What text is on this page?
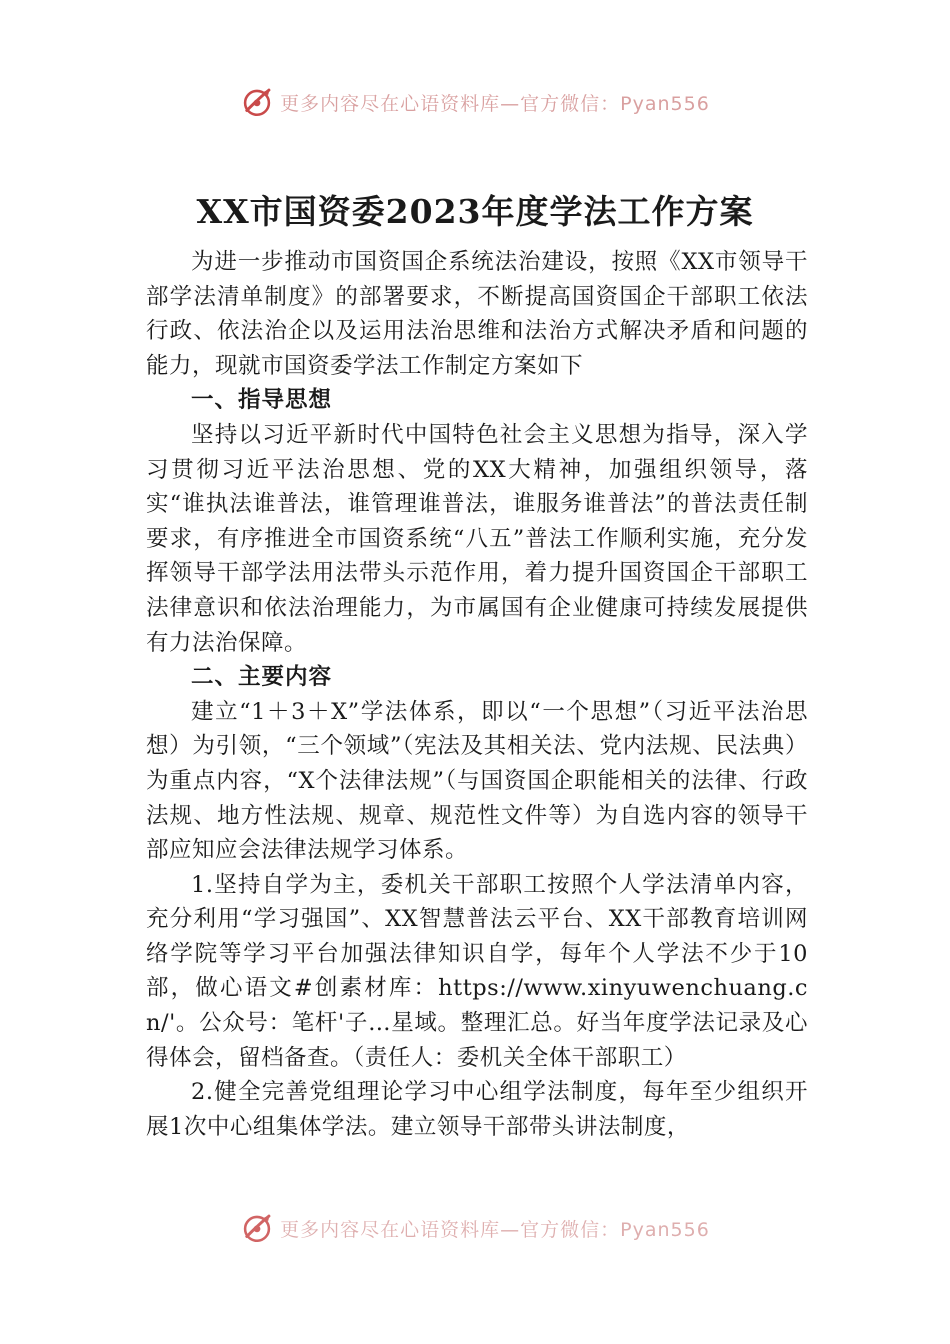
更多内容尽在心语资料库—官方微信：Pyan556
XX市国资委2023年度学法工作方案

为进一步推动市国资国企系统法治建设，按照《XX市领导干部学法清单制度》的部署要求，不断提高国资国企干部职工依法行政、依法治企以及运用法治思维和法治方式解决矛盾和问题的能力，现就市国资委学法工作制定方案如下

一、指导思想

坚持以习近平新时代中国特色社会主义思想为指导，深入学习贯彻习近平法治思想、党的XX大精神，加强组织领导，落实“谁执法谁普法，谁管理谁普法，谁服务谁普法”的普法责任制要求，有序推进全市国资系统“八五”普法工作顺利实施，充分发挥领导干部学法用法带头示范作用，着力提升国资国企干部职工法律意识和依法治理能力，为市属国有企业健康可持续发展提供有力法治保障。

二、主要内容

建立“1＋3＋X”学法体系，即以“一个思想”（习近平法治思想）为引领，“三个领域”（宪法及其相关法、党内法规、民法典）为重点内容，“X个法律法规”（与国资国企职能相关的法律、行政法规、地方性法规、规章、规范性文件等）为自选内容的领导干部应知应会法律法规学习体系。

1.坚持自学为主，委机关干部职工按照个人学法清单内容，充分利用“学习强国”、XX智慧普法云平台、XX干部教育培训网络学院等学习平台加强法律知识自学，每年个人学法不少于10部，做心语文#创素材库：https://www.xinyuwenchuang.cn/'。公众号：笔杆'子…星域。整理汇总。好当年度学法记录及心得体会，留档备查。（责任人：委机关全体干部职工）

2.健全完善党组理论学习中心组学法制度，每年至少组织开展1次中心组集体学法。建立领导干部带头讲法制度，

更多内容尽在心语资料库—官方微信：Pyan556
